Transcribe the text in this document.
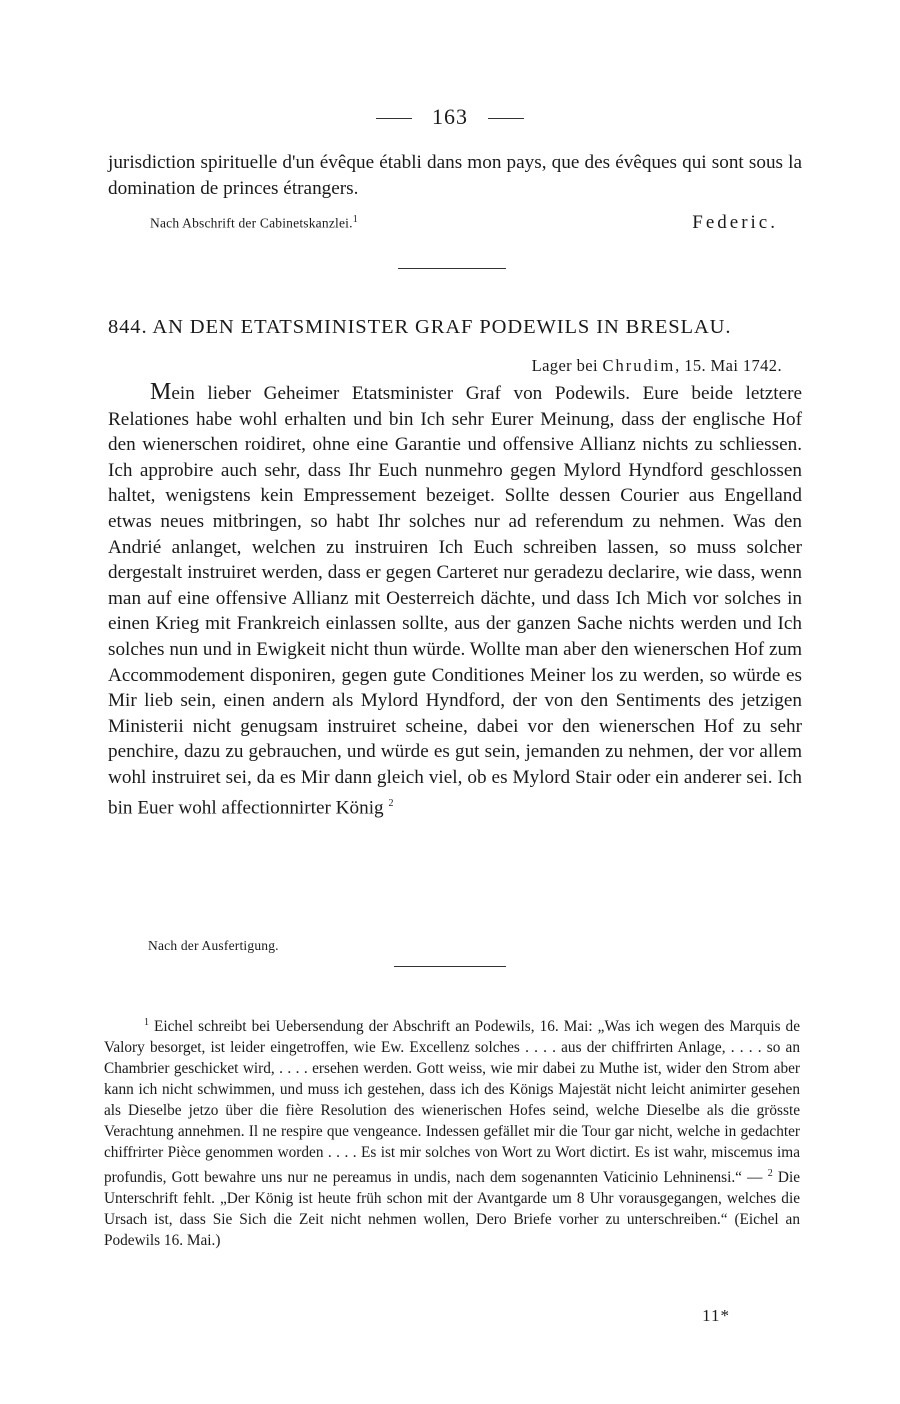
163

jurisdiction spirituelle d'un évêque établi dans mon pays, que des évêques qui sont sous la domination de princes étrangers.

Nach Abschrift der Cabinetskanzlei.$^1$	Federic.
844. AN DEN ETATSMINISTER GRAF PODEWILS IN BRESLAU.
Lager bei Chrudim, 15. Mai 1742.

Mein lieber Geheimer Etatsminister Graf von Podewils. Eure beide letztere Relationes habe wohl erhalten und bin Ich sehr Eurer Meinung, dass der englische Hof den wienerschen roidiret, ohne eine Garantie und offensive Allianz nichts zu schliessen. Ich approbire auch sehr, dass Ihr Euch nunmehro gegen Mylord Hyndford geschlossen haltet, wenigstens kein Empressement bezeiget. Sollte dessen Courier aus Engelland etwas neues mitbringen, so habt Ihr solches nur ad referendum zu nehmen. Was den Andrié anlanget, welchen zu instruiren Ich Euch schreiben lassen, so muss solcher dergestalt instruiret werden, dass er gegen Carteret nur geradezu declarire, wie dass, wenn man auf eine offensive Allianz mit Oesterreich dächte, und dass Ich Mich vor solches in einen Krieg mit Frankreich einlassen sollte, aus der ganzen Sache nichts werden und Ich solches nun und in Ewigkeit nicht thun würde. Wollte man aber den wienerschen Hof zum Accommodement disponiren, gegen gute Conditiones Meiner los zu werden, so würde es Mir lieb sein, einen andern als Mylord Hyndford, der von den Sentiments des jetzigen Ministerii nicht genugsam instruiret scheine, dabei vor den wienerschen Hof zu sehr penchire, dazu zu gebrauchen, und würde es gut sein, jemanden zu nehmen, der vor allem wohl instruiret sei, da es Mir dann gleich viel, ob es Mylord Stair oder ein anderer sei. Ich bin Euer wohl affectionnirter König $^2$

Nach der Ausfertigung.

$^1$ Eichel schreibt bei Uebersendung der Abschrift an Podewils, 16. Mai: „Was ich wegen des Marquis de Valory besorget, ist leider eingetroffen, wie Ew. Excellenz solches . . . . aus der chiffrirten Anlage, . . . . so an Chambrier geschicket wird, . . . . ersehen werden. Gott weiss, wie mir dabei zu Muthe ist, wider den Strom aber kann ich nicht schwimmen, und muss ich gestehen, dass ich des Königs Majestät nicht leicht animirter gesehen als Dieselbe jetzo über die fière Resolution des wienerischen Hofes seind, welche Dieselbe als die grösste Verachtung annehmen. Il ne respire que vengeance. Indessen gefället mir die Tour gar nicht, welche in gedachter chiffrirter Pièce genommen worden . . . . Es ist mir solches von Wort zu Wort dictirt. Es ist wahr, miscemus ima profundis, Gott bewahre uns nur ne pereamus in undis, nach dem sogenannten Vaticinio Lehninensi.“ — $^2$ Die Unterschrift fehlt. „Der König ist heute früh schon mit der Avantgarde um 8 Uhr vorausgegangen, welches die Ursach ist, dass Sie Sich die Zeit nicht nehmen wollen, Dero Briefe vorher zu unterschreiben.“ (Eichel an Podewils 16. Mai.)

11*
